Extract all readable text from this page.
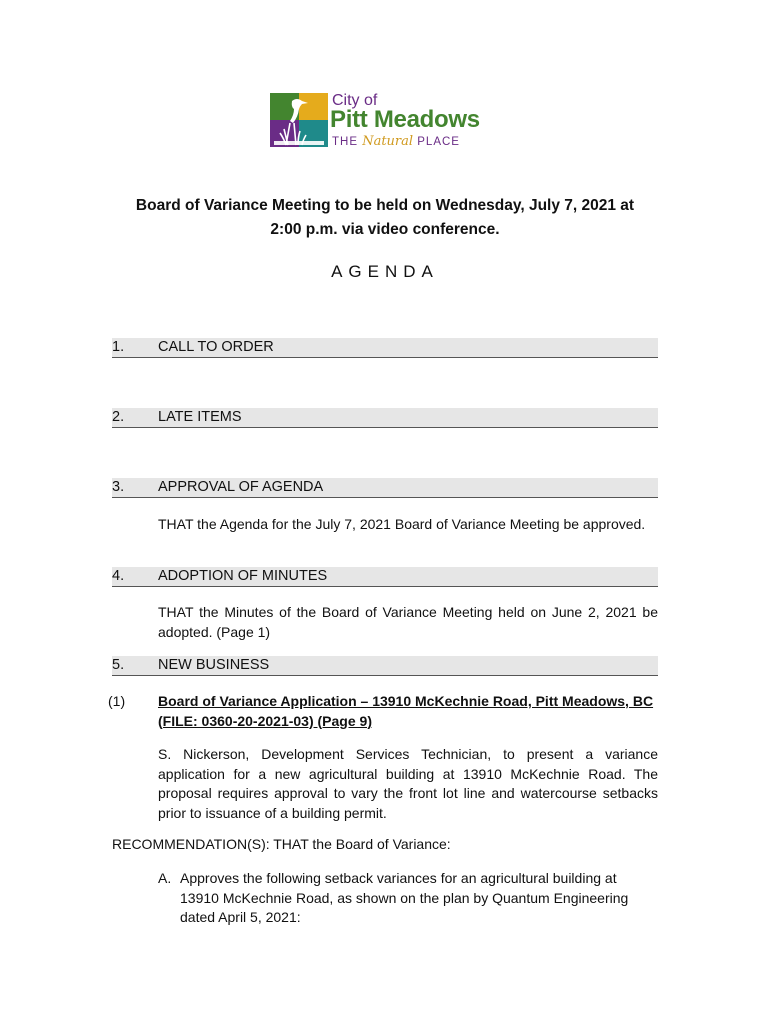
City of
Pitt Meadows
THE Natural PLACE
Board of Variance Meeting to be held on Wednesday, July 7, 2021 at 2:00 p.m. via video conference.
AGENDA
1. CALL TO ORDER
2. LATE ITEMS
3. APPROVAL OF AGENDA
THAT the Agenda for the July 7, 2021 Board of Variance Meeting be approved.
4. ADOPTION OF MINUTES
THAT the Minutes of the Board of Variance Meeting held on June 2, 2021 be adopted. (Page 1)
5. NEW BUSINESS
(1) Board of Variance Application – 13910 McKechnie Road, Pitt Meadows, BC (FILE: 0360-20-2021-03) (Page 9)
S. Nickerson, Development Services Technician, to present a variance application for a new agricultural building at 13910 McKechnie Road. The proposal requires approval to vary the front lot line and watercourse setbacks prior to issuance of a building permit.
RECOMMENDATION(S): THAT the Board of Variance:
A. Approves the following setback variances for an agricultural building at 13910 McKechnie Road, as shown on the plan by Quantum Engineering dated April 5, 2021:
